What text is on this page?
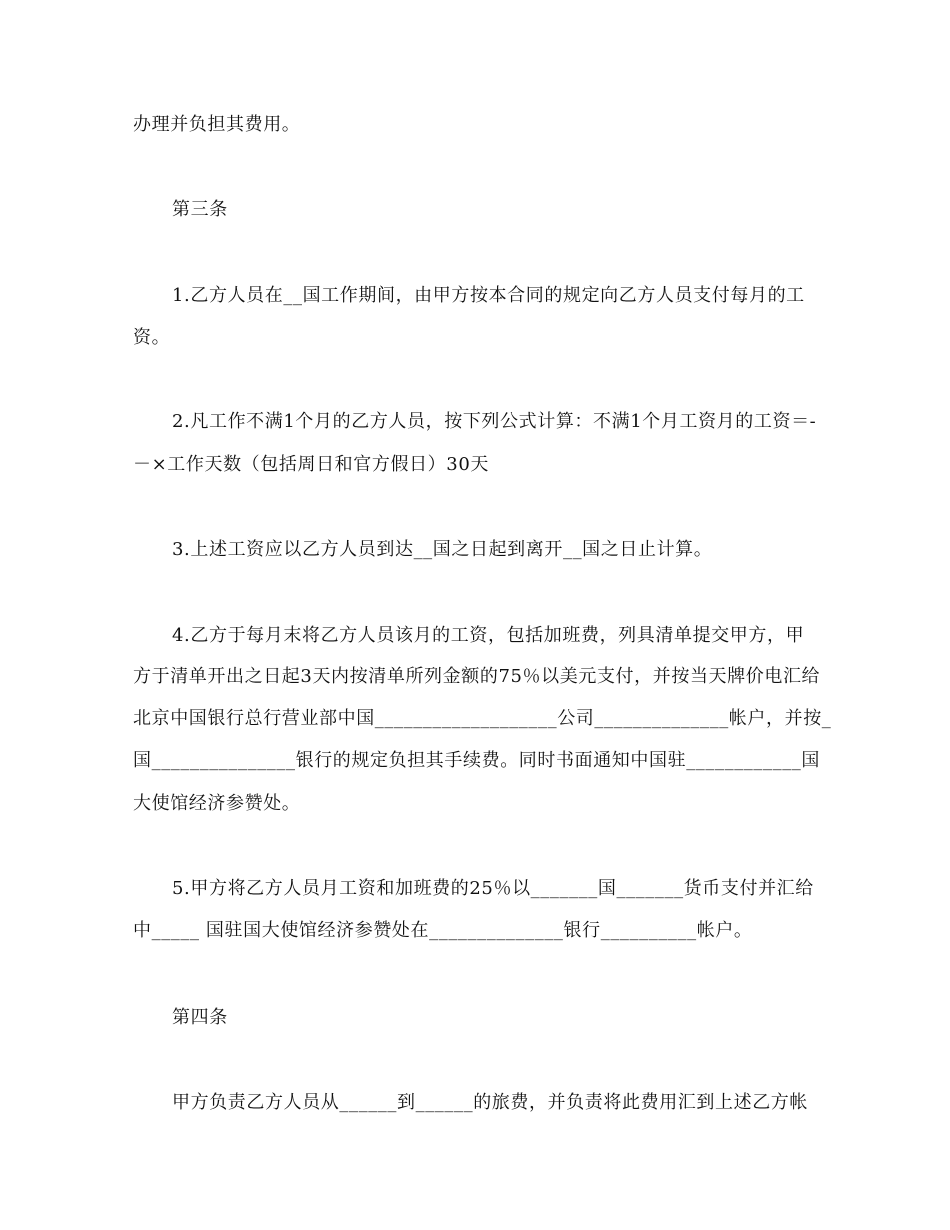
办理并负担其费用。
第三条
1.乙方人员在__国工作期间，由甲方按本合同的规定向乙方人员支付每月的工
资。
2.凡工作不满1个月的乙方人员，按下列公式计算：不满1个月工资月的工资＝-
－×工作天数（包括周日和官方假日）30天
3.上述工资应以乙方人员到达__国之日起到离开__国之日止计算。
4.乙方于每月末将乙方人员该月的工资，包括加班费，列具清单提交甲方，甲
方于清单开出之日起3天内按清单所列金额的75％以美元支付，并按当天牌价电汇给
北京中国银行总行营业部中国___________________公司______________帐户，并按_
国_______________银行的规定负担其手续费。同时书面通知中国驻____________国
大使馆经济参赞处。
5.甲方将乙方人员月工资和加班费的25％以_______国_______货币支付并汇给
中_____ 国驻国大使馆经济参赞处在______________银行__________帐户。
第四条
甲方负责乙方人员从______到______的旅费，并负责将此费用汇到上述乙方帐
